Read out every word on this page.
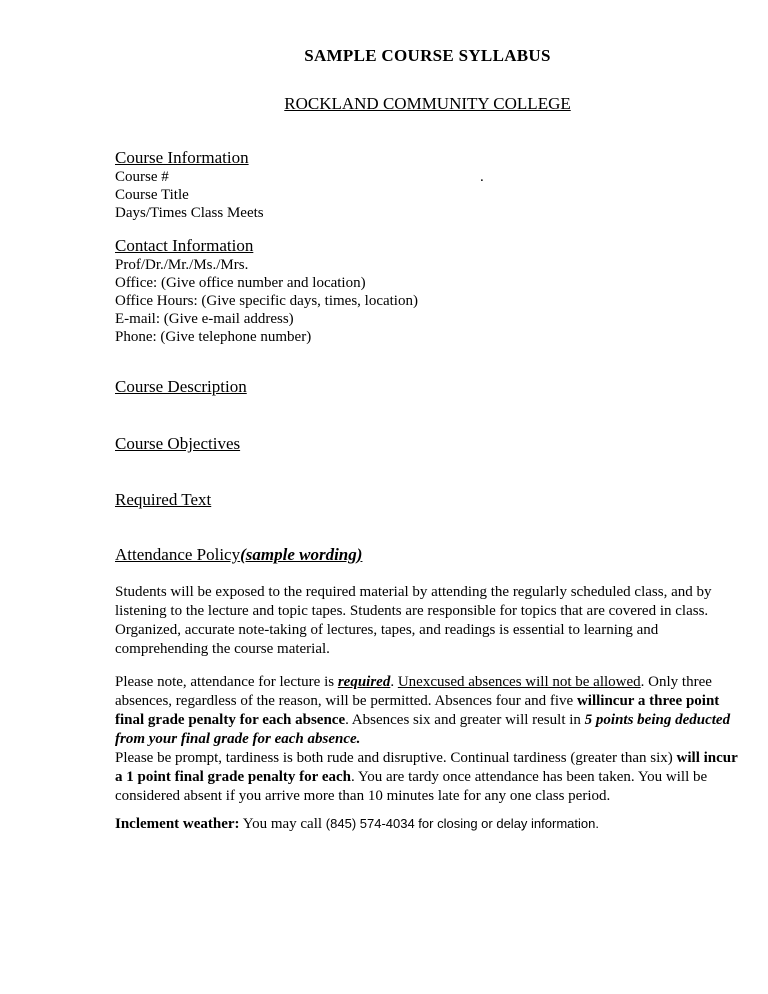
SAMPLE COURSE SYLLABUS
ROCKLAND COMMUNITY COLLEGE
Course Information
Course #	.
Course Title
Days/Times Class Meets
Contact Information
Prof/Dr./Mr./Ms./Mrs.
Office: (Give office number and location)
Office Hours: (Give specific days, times, location)
E-mail: (Give e-mail address)
Phone: (Give telephone number)
Course Description
Course Objectives
Required Text
Attendance Policy(sample wording)

Students will be exposed to the required material by attending the regularly scheduled class, and by listening to the lecture and topic tapes. Students are responsible for topics that are covered in class. Organized, accurate note-taking of lectures, tapes, and readings is essential to learning and comprehending the course material.

Please note, attendance for lecture is required. Unexcused absences will not be allowed. Only three absences, regardless of the reason, will be permitted. Absences four and five willincur a three point final grade penalty for each absence. Absences six and greater will result in 5 points being deducted from your final grade for each absence.
Please be prompt, tardiness is both rude and disruptive. Continual tardiness (greater than six) will incur a 1 point final grade penalty for each. You are tardy once attendance has been taken. You will be considered absent if you arrive more than 10 minutes late for any one class period.

Inclement weather: You may call (845) 574-4034 for closing or delay information.
